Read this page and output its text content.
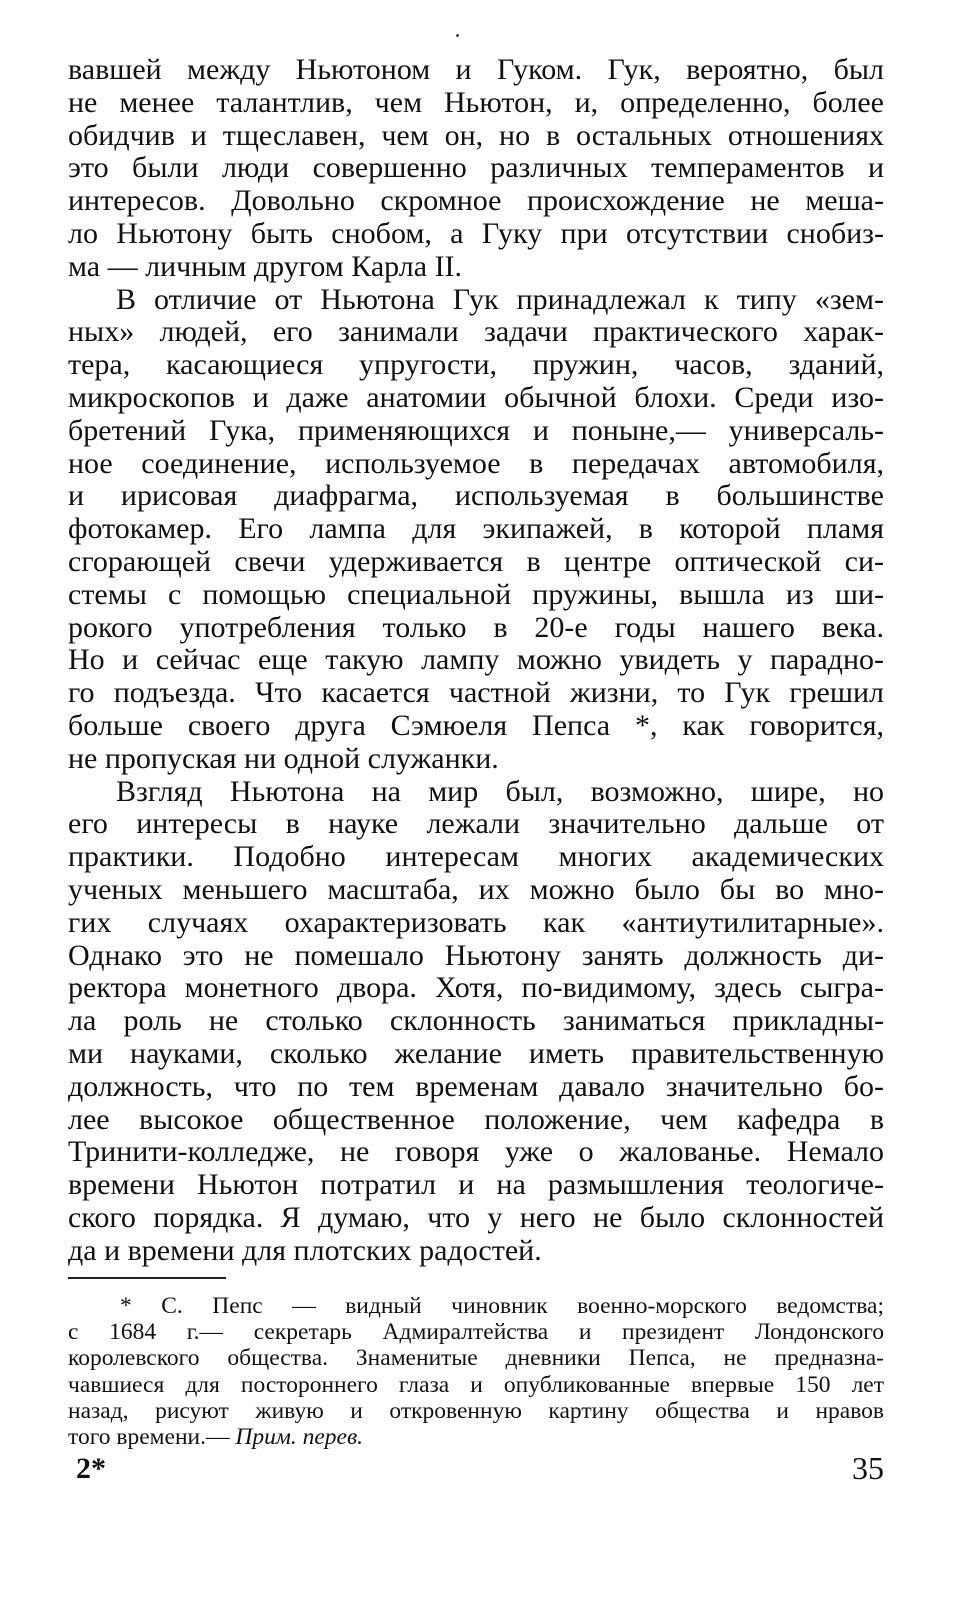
вавшей между Ньютоном и Гуком. Гук, вероятно, был
не менее талантлив, чем Ньютон, и, определенно, более
обидчив и тщеславен, чем он, но в остальных отношениях
это были люди совершенно различных темпераментов и
интересов. Довольно скромное происхождение не меша-
ло Ньютону быть снобом, а Гуку при отсутствии снобиз-
ма — личным другом Карла II.
В отличие от Ньютона Гук принадлежал к типу «зем-
ных» людей, его занимали задачи практического харак-
тера, касающиеся упругости, пружин, часов, зданий,
микроскопов и даже анатомии обычной блохи. Среди изо-
бретений Гука, применяющихся и поныне,— универсаль-
ное соединение, используемое в передачах автомобиля,
и ирисовая диафрагма, используемая в большинстве
фотокамер. Его лампа для экипажей, в которой пламя
сгорающей свечи удерживается в центре оптической си-
стемы с помощью специальной пружины, вышла из ши-
рокого употребления только в 20-е годы нашего века.
Но и сейчас еще такую лампу можно увидеть у парадно-
го подъезда. Что касается частной жизни, то Гук грешил
больше своего друга Сэмюеля Пепса *, как говорится,
не пропуская ни одной служанки.
Взгляд Ньютона на мир был, возможно, шире, но
его интересы в науке лежали значительно дальше от
практики. Подобно интересам многих академических
ученых меньшего масштаба, их можно было бы во мно-
гих случаях охарактеризовать как «антиутилитарные».
Однако это не помешало Ньютону занять должность ди-
ректора монетного двора. Хотя, по-видимому, здесь сыгра-
ла роль не столько склонность заниматься прикладны-
ми науками, сколько желание иметь правительственную
должность, что по тем временам давало значительно бо-
лее высокое общественное положение, чем кафедра в
Тринити-колледже, не говоря уже о жалованье. Немало
времени Ньютон потратил и на размышления теологиче-
ского порядка. Я думаю, что у него не было склонностей
да и времени для плотских радостей.
* С. Пепс — видный чиновник военно-морского ведомства;
с 1684 г.— секретарь Адмиралтейства и президент Лондонского
королевского общества. Знаменитые дневники Пепса, не предназна-
чавшиеся для постороннего глаза и опубликованные впервые 150 лет
назад, рисуют живую и откровенную картину общества и нравов
того времени.— Прим. перев.
2*	35
